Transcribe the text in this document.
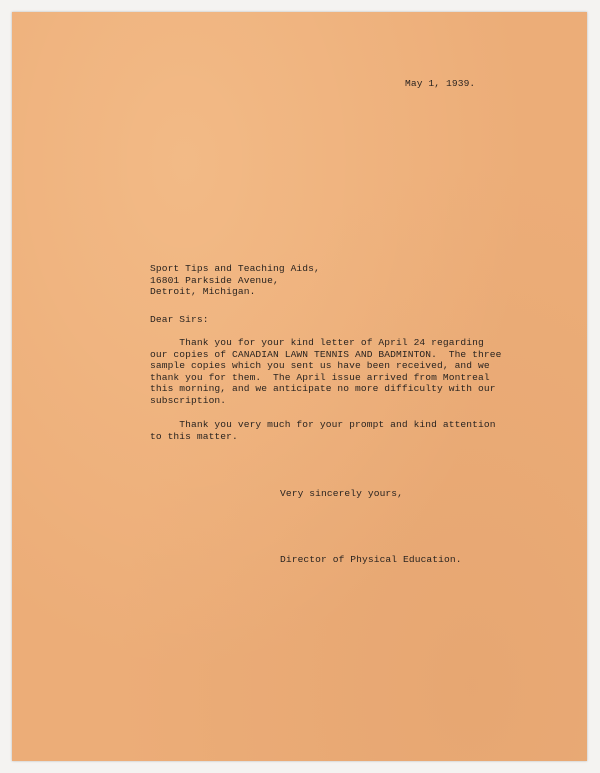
May 1, 1939.
Sport Tips and Teaching Aids,
16801 Parkside Avenue,
Detroit, Michigan.
Dear Sirs:
Thank you for your kind letter of April 24 regarding
our copies of CANADIAN LAWN TENNIS AND BADMINTON.  The three
sample copies which you sent us have been received, and we
thank you for them.  The April issue arrived from Montreal
this morning, and we anticipate no more difficulty with our
subscription.
Thank you very much for your prompt and kind attention
to this matter.
Very sincerely yours,
Director of Physical Education.
